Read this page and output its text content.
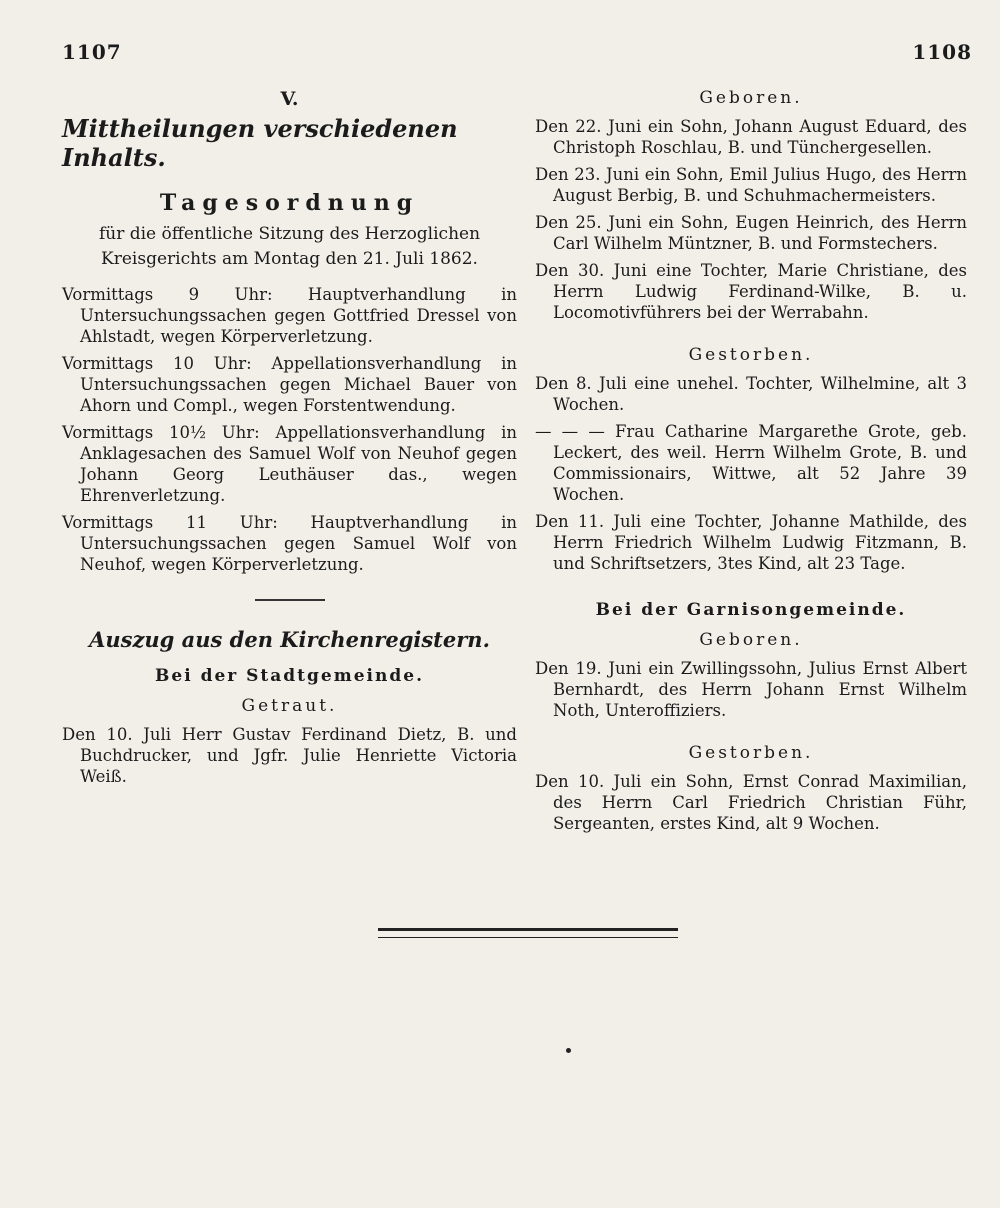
1107	1108
V.
Mittheilungen verschiedenen Inhalts.
Tagesordnung
für die öffentliche Sitzung des Herzoglichen Kreisgerichts am Montag den 21. Juli 1862.
Vormittags 9 Uhr: Hauptverhandlung in Untersuchungssachen gegen Gottfried Dressel von Ahlstadt, wegen Körperverletzung.
Vormittags 10 Uhr: Appellationsverhandlung in Untersuchungssachen gegen Michael Bauer von Ahorn und Compl., wegen Forstentwendung.
Vormittags 10½ Uhr: Appellationsverhandlung in Anklagesachen des Samuel Wolf von Neuhof gegen Johann Georg Leuthäuser das., wegen Ehrenverletzung.
Vormittags 11 Uhr: Hauptverhandlung in Untersuchungssachen gegen Samuel Wolf von Neuhof, wegen Körperverletzung.
Auszug aus den Kirchenregistern.
Bei der Stadtgemeinde.
Getraut.
Den 10. Juli Herr Gustav Ferdinand Dietz, B. und Buchdrucker, und Jgfr. Julie Henriette Victoria Weiß.
Geboren.
Den 22. Juni ein Sohn, Johann August Eduard, des Christoph Roschlau, B. und Tünchergesellen.
Den 23. Juni ein Sohn, Emil Julius Hugo, des Herrn August Berbig, B. und Schuhmachermeisters.
Den 25. Juni ein Sohn, Eugen Heinrich, des Herrn Carl Wilhelm Müntzner, B. und Formstechers.
Den 30. Juni eine Tochter, Marie Christiane, des Herrn Ludwig Ferdinand-Wilke, B. u. Locomotivführers bei der Werrabahn.
Gestorben.
Den 8. Juli eine unehel. Tochter, Wilhelmine, alt 3 Wochen.
— — — Frau Catharine Margarethe Grote, geb. Leckert, des weil. Herrn Wilhelm Grote, B. und Commissionairs, Wittwe, alt 52 Jahre 39 Wochen.
Den 11. Juli eine Tochter, Johanne Mathilde, des Herrn Friedrich Wilhelm Ludwig Fitzmann, B. und Schriftsetzers, 3tes Kind, alt 23 Tage.
Bei der Garnisongemeinde.
Geboren.
Den 19. Juni ein Zwillingssohn, Julius Ernst Albert Bernhardt, des Herrn Johann Ernst Wilhelm Noth, Unteroffiziers.
Gestorben.
Den 10. Juli ein Sohn, Ernst Conrad Maximilian, des Herrn Carl Friedrich Christian Führ, Sergeanten, erstes Kind, alt 9 Wochen.
